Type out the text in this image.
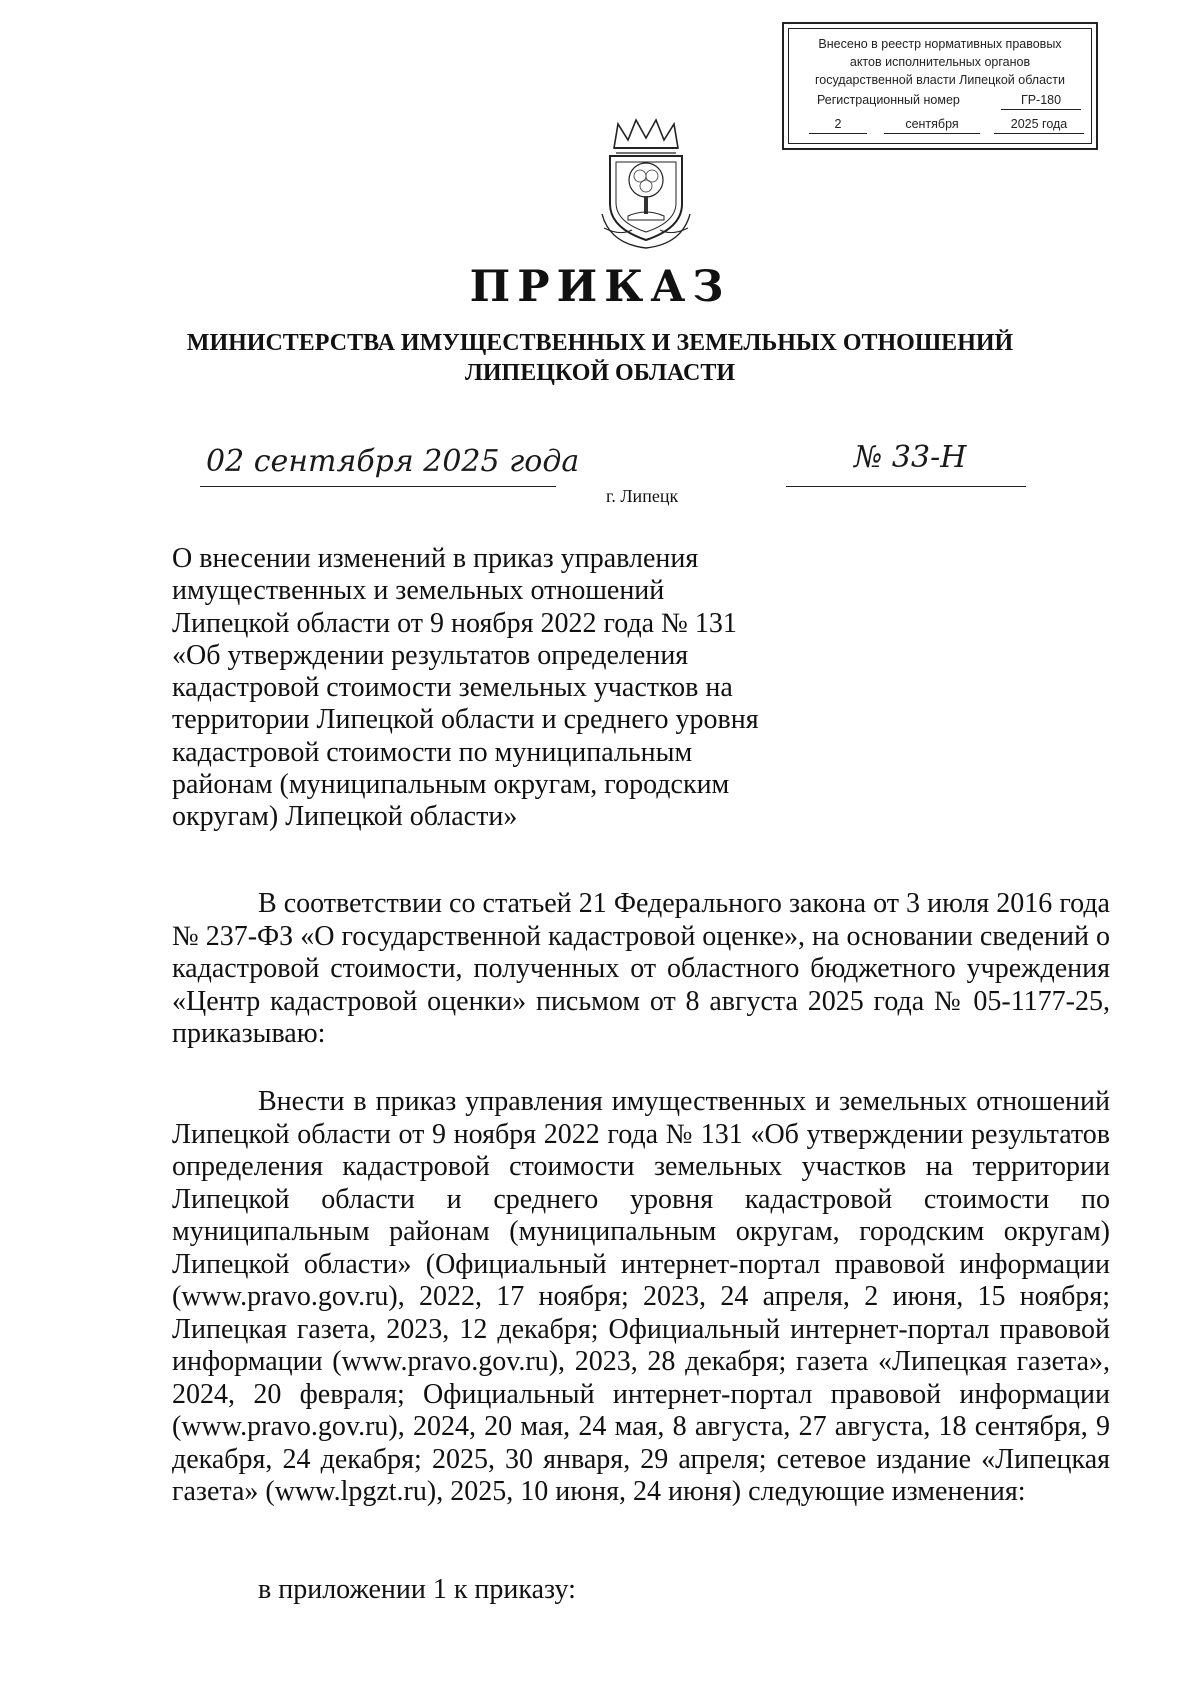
Внесено в реестр нормативных правовых
актов исполнительных органов
государственной власти Липецкой области
Регистрационный номер	ГР-180
2	сентября	2025 года
ПРИКАЗ
МИНИСТЕРСТВА ИМУЩЕСТВЕННЫХ И ЗЕМЕЛЬНЫХ ОТНОШЕНИЙ
ЛИПЕЦКОЙ ОБЛАСТИ
02 сентября 2025 года	№ 33-Н
г. Липецк
О внесении изменений в приказ управления
имущественных и земельных отношений
Липецкой области от 9 ноября 2022 года № 131
«Об утверждении результатов определения
кадастровой стоимости земельных участков на
территории Липецкой области и среднего уровня
кадастровой стоимости по муниципальным
районам (муниципальным округам, городским
округам) Липецкой области»
В соответствии со статьей 21 Федерального закона от 3 июля 2016 года № 237-ФЗ «О государственной кадастровой оценке», на основании сведений о кадастровой стоимости, полученных от областного бюджетного учреждения «Центр кадастровой оценки» письмом от 8 августа 2025 года № 05-1177-25, приказываю:
Внести в приказ управления имущественных и земельных отношений Липецкой области от 9 ноября 2022 года № 131 «Об утверждении результатов определения кадастровой стоимости земельных участков на территории Липецкой области и среднего уровня кадастровой стоимости по муниципальным районам (муниципальным округам, городским округам) Липецкой области» (Официальный интернет-портал правовой информации (www.pravo.gov.ru), 2022, 17 ноября; 2023, 24 апреля, 2 июня, 15 ноября; Липецкая газета, 2023, 12 декабря; Официальный интернет-портал правовой информации (www.pravo.gov.ru), 2023, 28 декабря; газета «Липецкая газета», 2024, 20 февраля; Официальный интернет-портал правовой информации (www.pravo.gov.ru), 2024, 20 мая, 24 мая, 8 августа, 27 августа, 18 сентября, 9 декабря, 24 декабря; 2025, 30 января, 29 апреля; сетевое издание «Липецкая газета» (www.lpgzt.ru), 2025, 10 июня, 24 июня) следующие изменения:
в приложении 1 к приказу:
